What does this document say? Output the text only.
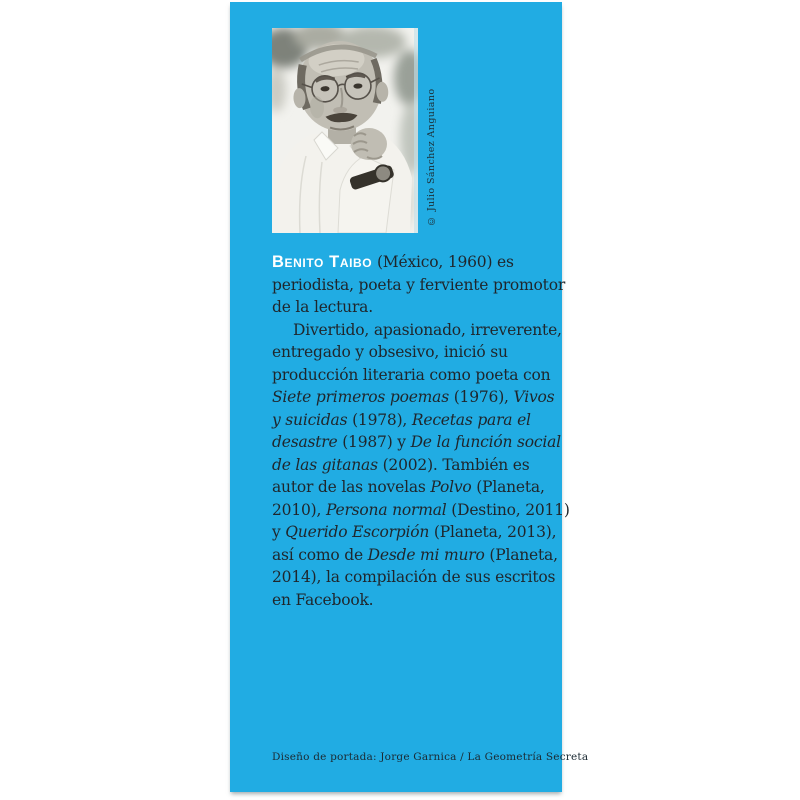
© Julio Sánchez Anguiano
Benito Taibo (México, 1960) es
periodista, poeta y ferviente promotor
de la lectura.
Divertido, apasionado, irreverente,
entregado y obsesivo, inició su
producción literaria como poeta con
Siete primeros poemas (1976), Vivos
y suicidas (1978), Recetas para el
desastre (1987) y De la función social
de las gitanas (2002). También es
autor de las novelas Polvo (Planeta,
2010), Persona normal (Destino, 2011)
y Querido Escorpión (Planeta, 2013),
así como de Desde mi muro (Planeta,
2014), la compilación de sus escritos
en Facebook.
Diseño de portada: Jorge Garnica / La Geometría Secreta
